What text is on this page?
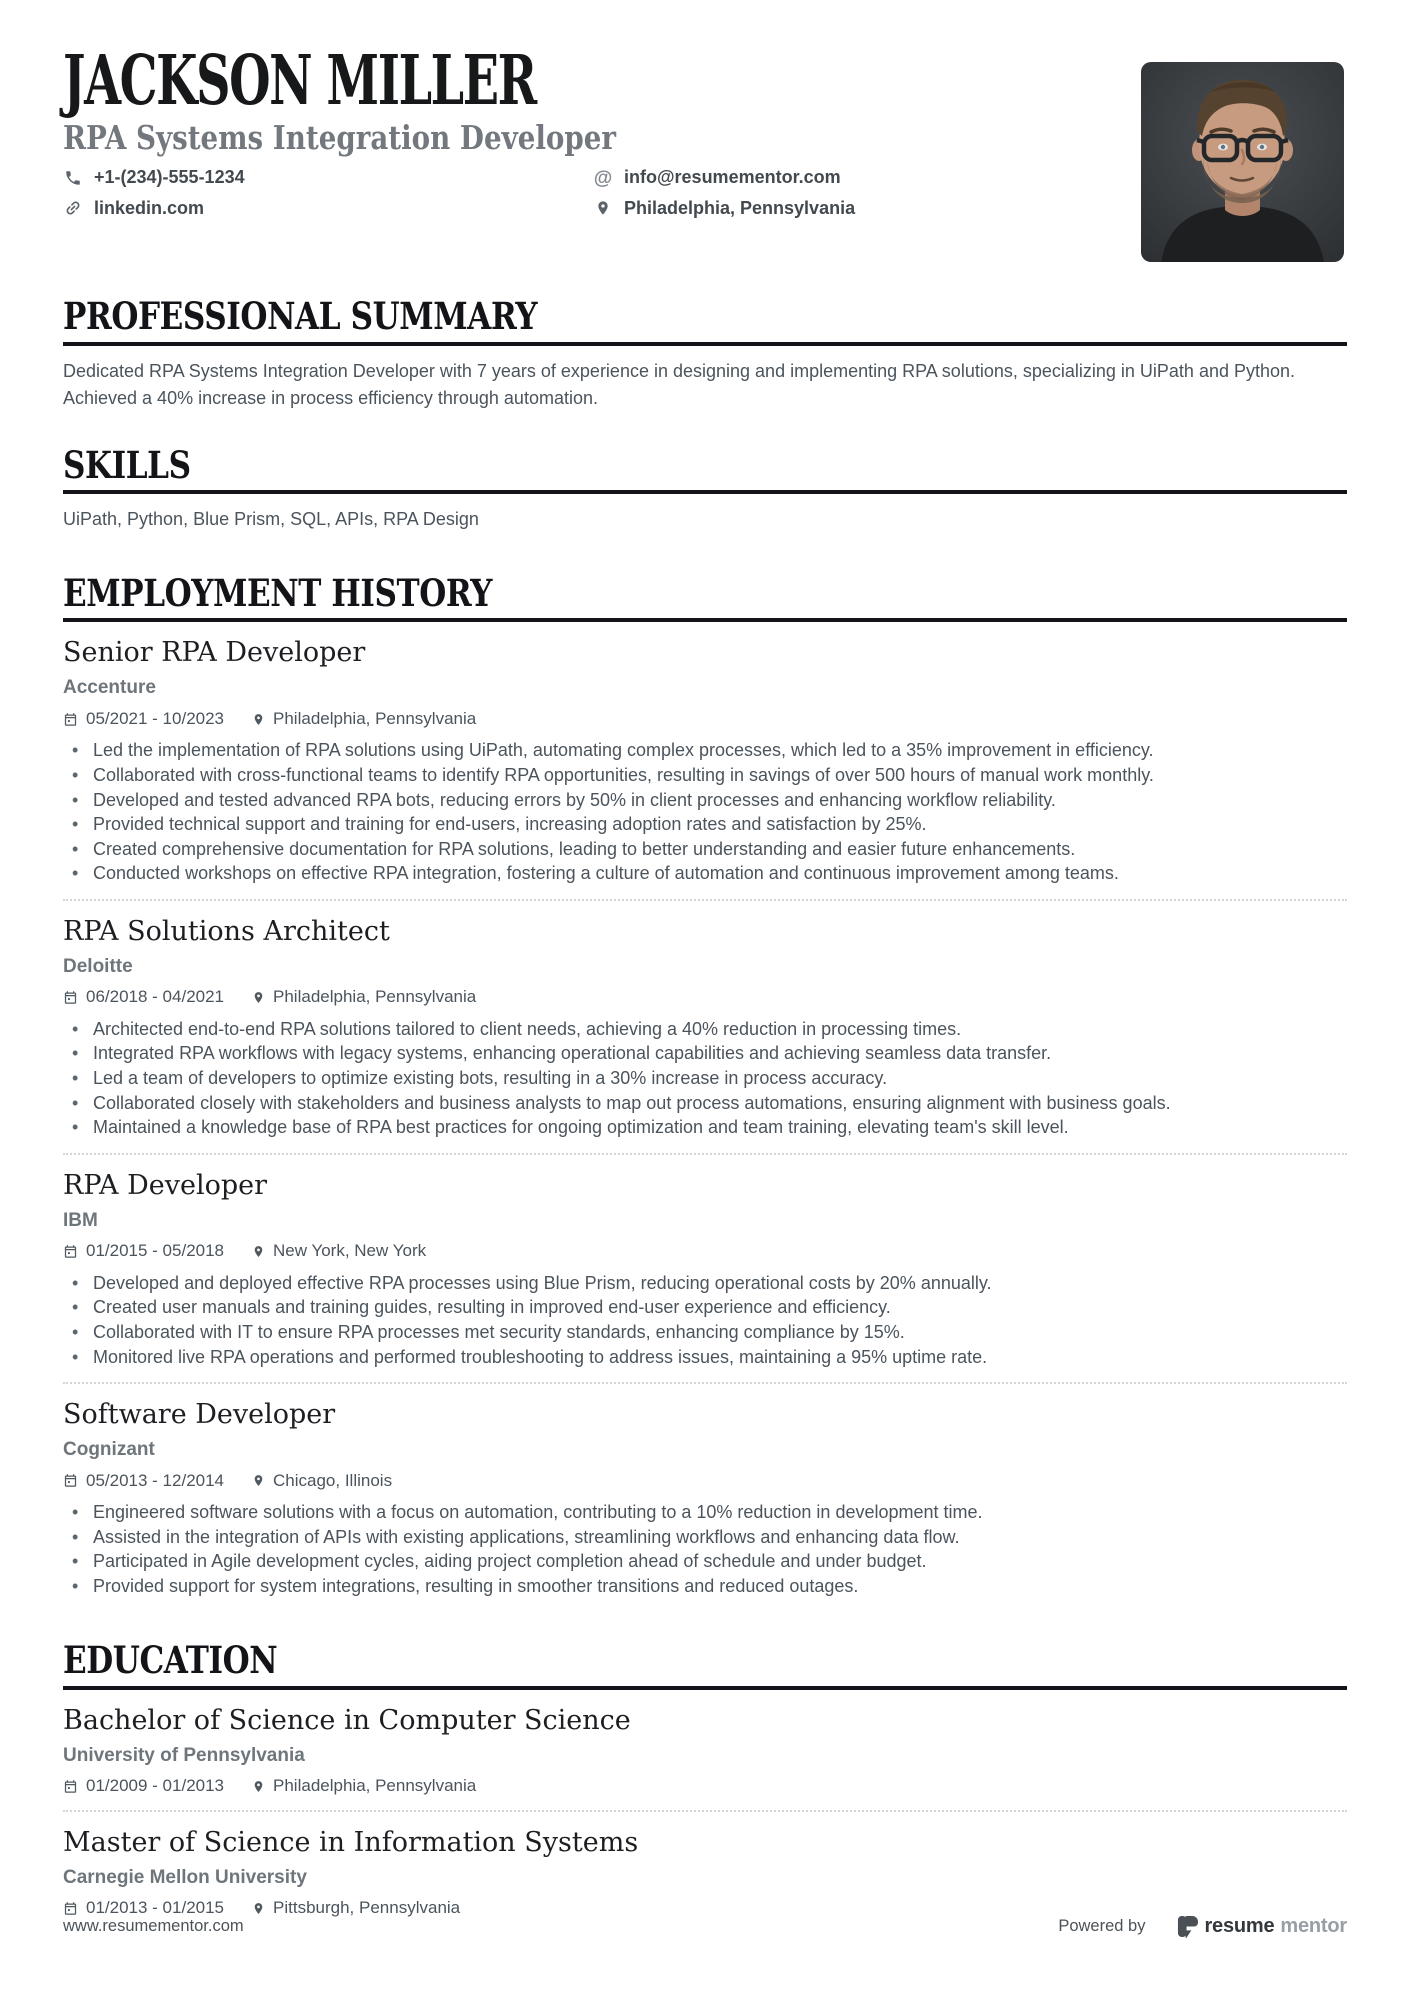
JACKSON MILLER
RPA Systems Integration Developer
+1-(234)-555-1234	@ info@resumementor.com
linkedin.com	Philadelphia, Pennsylvania
PROFESSIONAL SUMMARY

Dedicated RPA Systems Integration Developer with 7 years of experience in designing and implementing RPA solutions, specializing in UiPath and Python. Achieved a 40% increase in process efficiency through automation.

SKILLS

UiPath, Python, Blue Prism, SQL, APIs, RPA Design

EMPLOYMENT HISTORY
Senior RPA Developer
Accenture
05/2021 - 10/2023	Philadelphia, Pennsylvania
• Led the implementation of RPA solutions using UiPath, automating complex processes, which led to a 35% improvement in efficiency.
• Collaborated with cross-functional teams to identify RPA opportunities, resulting in savings of over 500 hours of manual work monthly.
• Developed and tested advanced RPA bots, reducing errors by 50% in client processes and enhancing workflow reliability.
• Provided technical support and training for end-users, increasing adoption rates and satisfaction by 25%.
• Created comprehensive documentation for RPA solutions, leading to better understanding and easier future enhancements.
• Conducted workshops on effective RPA integration, fostering a culture of automation and continuous improvement among teams.
RPA Solutions Architect
Deloitte
06/2018 - 04/2021	Philadelphia, Pennsylvania
• Architected end-to-end RPA solutions tailored to client needs, achieving a 40% reduction in processing times.
• Integrated RPA workflows with legacy systems, enhancing operational capabilities and achieving seamless data transfer.
• Led a team of developers to optimize existing bots, resulting in a 30% increase in process accuracy.
• Collaborated closely with stakeholders and business analysts to map out process automations, ensuring alignment with business goals.
• Maintained a knowledge base of RPA best practices for ongoing optimization and team training, elevating team's skill level.
RPA Developer
IBM
01/2015 - 05/2018	New York, New York
• Developed and deployed effective RPA processes using Blue Prism, reducing operational costs by 20% annually.
• Created user manuals and training guides, resulting in improved end-user experience and efficiency.
• Collaborated with IT to ensure RPA processes met security standards, enhancing compliance by 15%.
• Monitored live RPA operations and performed troubleshooting to address issues, maintaining a 95% uptime rate.
Software Developer
Cognizant
05/2013 - 12/2014	Chicago, Illinois
• Engineered software solutions with a focus on automation, contributing to a 10% reduction in development time.
• Assisted in the integration of APIs with existing applications, streamlining workflows and enhancing data flow.
• Participated in Agile development cycles, aiding project completion ahead of schedule and under budget.
• Provided support for system integrations, resulting in smoother transitions and reduced outages.
EDUCATION
Bachelor of Science in Computer Science
University of Pennsylvania
01/2009 - 01/2013	Philadelphia, Pennsylvania
Master of Science in Information Systems
Carnegie Mellon University
01/2013 - 01/2015	Pittsburgh, Pennsylvania
www.resumementor.com	Powered by	resume mentor
